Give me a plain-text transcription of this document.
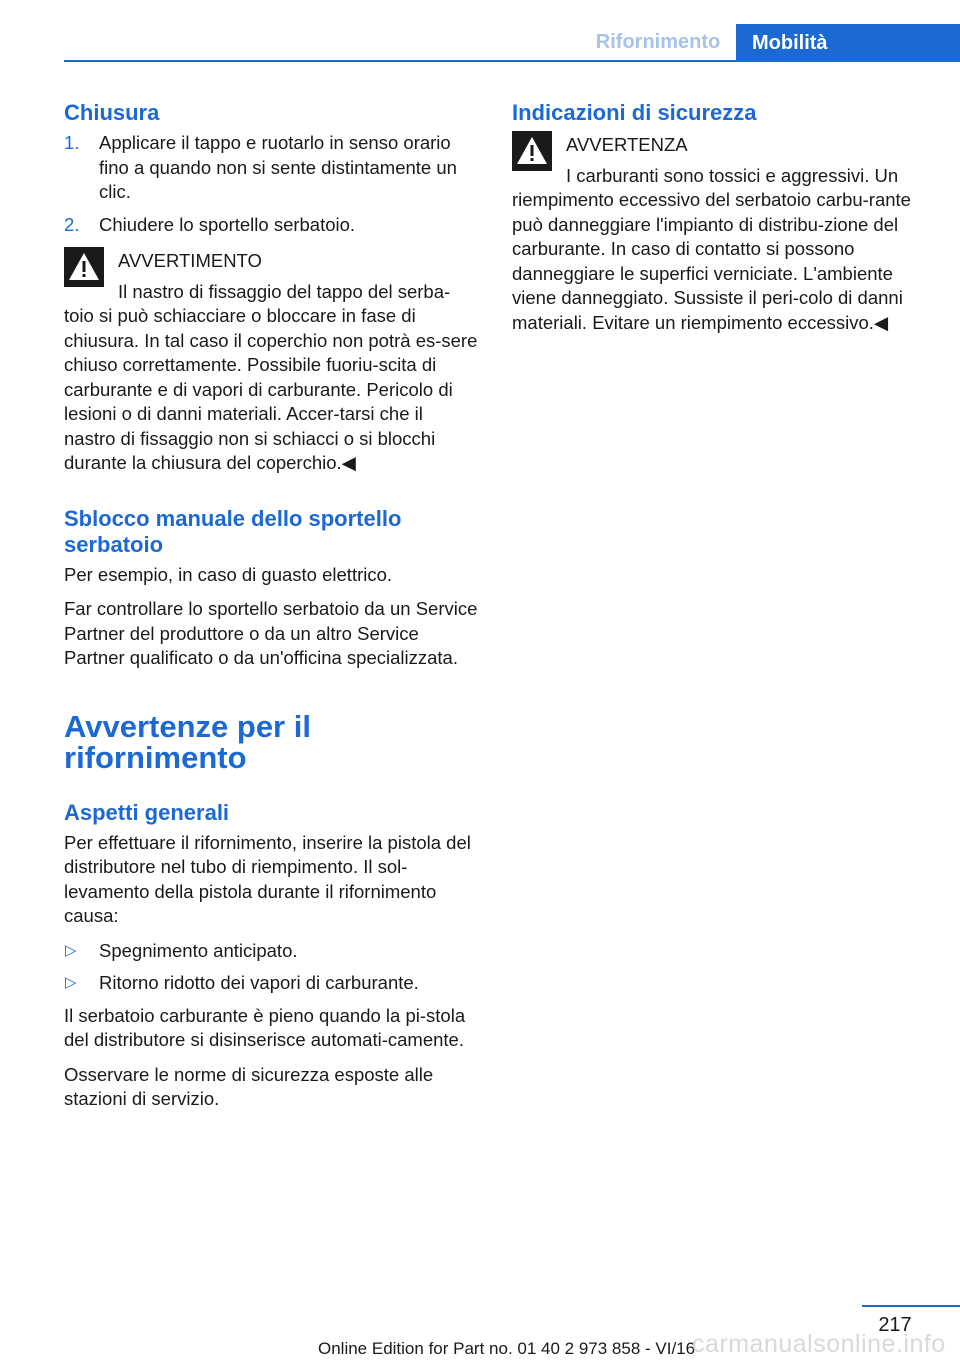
Rifornimento	Mobilità
Chiusura
1. Applicare il tappo e ruotarlo in senso orario fino a quando non si sente distintamente un clic.
2. Chiudere lo sportello serbatoio.
AVVERTIMENTO
Il nastro di fissaggio del tappo del serba‐toio si può schiacciare o bloccare in fase di chiusura. In tal caso il coperchio non potrà es‐sere chiuso correttamente. Possibile fuoriu‐scita di carburante e di vapori di carburante. Pericolo di lesioni o di danni materiali. Accer‐tarsi che il nastro di fissaggio non si schiacci o si blocchi durante la chiusura del coperchio.◀
Sblocco manuale dello sportello serbatoio

Per esempio, in caso di guasto elettrico.

Far controllare lo sportello serbatoio da un Service Partner del produttore o da un altro Service Partner qualificato o da un'officina specializzata.

Avvertenze per il rifornimento
Aspetti generali

Per effettuare il rifornimento, inserire la pistola del distributore nel tubo di riempimento. Il sol‐levamento della pistola durante il rifornimento causa:

▷ Spegnimento anticipato.
▷ Ritorno ridotto dei vapori di carburante.

Il serbatoio carburante è pieno quando la pi‐stola del distributore si disinserisce automati‐camente.

Osservare le norme di sicurezza esposte alle stazioni di servizio.

Indicazioni di sicurezza
AVVERTENZA
I carburanti sono tossici e aggressivi. Un riempimento eccessivo del serbatoio carbu‐rante può danneggiare l'impianto di distribu‐zione del carburante. In caso di contatto si possono danneggiare le superfici verniciate. L'ambiente viene danneggiato. Sussiste il peri‐colo di danni materiali. Evitare un riempimento eccessivo.◀
217
Online Edition for Part no. 01 40 2 973 858 - VI/16
carmanualsonline.info
